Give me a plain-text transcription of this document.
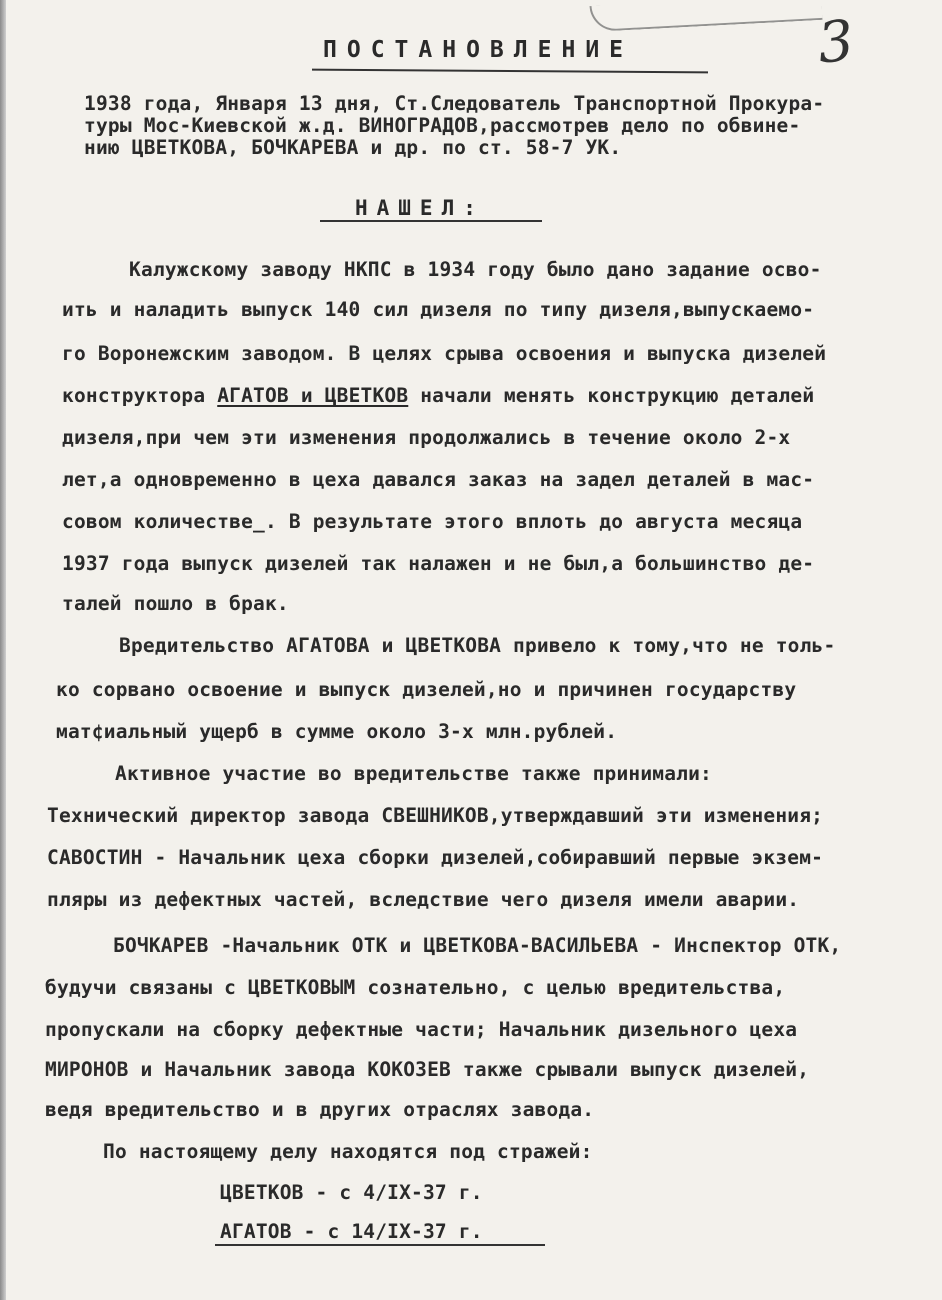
3
ПОСТАНОВЛЕНИЕ
1938 года, Января 13 дня, Ст.Следователь Транспортной Прокура-
туры Мос-Киевской ж.д. ВИНОГРАДОВ,рассмотрев дело по обвине-
нию ЦВЕТКОВА, БОЧКАРЕВА и др. по ст. 58-7 УК.
НАШЕЛ:
Калужскому заводу НКПС в 1934 году было дано задание осво-
ить и наладить выпуск 140 сил дизеля по типу дизеля,выпускаемо-
го Воронежским заводом. В целях срыва освоения и выпуска дизелей
конструктора АГАТОВ и ЦВЕТКОВ начали менять конструкцию деталей
дизеля,при чем эти изменения продолжались в течение около 2-х
лет,а одновременно в цеха давался заказ на задел деталей в мас-
совом количестве_. В результате этого вплоть до августа месяца
1937 года выпуск дизелей так налажен и не был,а большинство де-
талей пошло в брак.
Вредительство АГАТОВА и ЦВЕТКОВА привело к тому,что не толь-
ко сорвано освоение и выпуск дизелей,но и причинен государству
мат¢иальный ущерб в сумме около 3-х млн.рублей.
Активное участие во вредительстве также принимали:
Технический директор завода СВЕШНИКОВ,утверждавший эти изменения;
САВОСТИН - Начальник цеха сборки дизелей,собиравший первые экзем-
пляры из дефектных частей, вследствие чего дизеля имели аварии.
БОЧКАРЕВ -Начальник ОТК и ЦВЕТКОВА-ВАСИЛЬЕВА - Инспектор ОТК,
будучи связаны с ЦВЕТКОВЫМ сознательно, с целью вредительства,
пропускали на сборку дефектные части; Начальник дизельного цеха
МИРОНОВ и Начальник завода КОКОЗЕВ также срывали выпуск дизелей,
ведя вредительство и в других отраслях завода.
По настоящему делу находятся под стражей:
ЦВЕТКОВ - с 4/IX-37 г.
АГАТОВ - с 14/IX-37 г.
